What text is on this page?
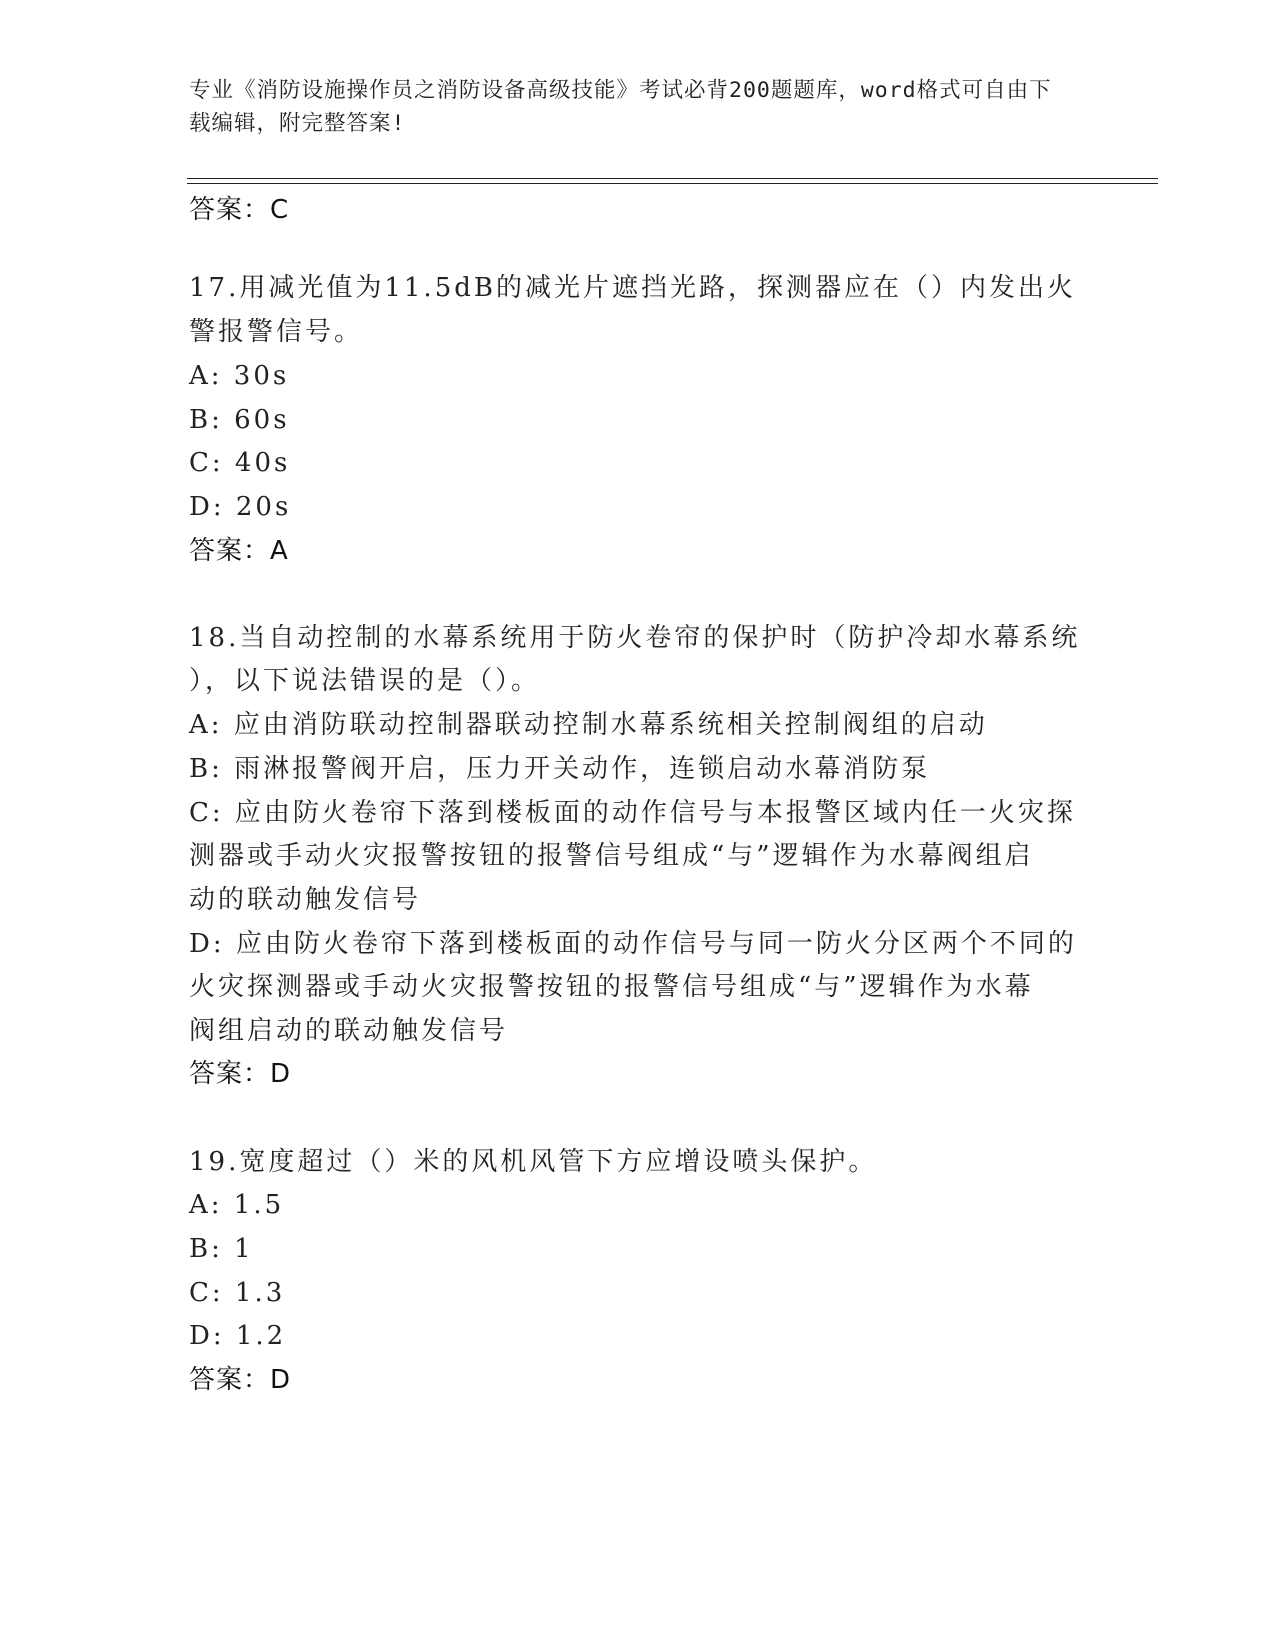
专业《消防设施操作员之消防设备高级技能》考试必背200题题库，word格式可自由下载编辑，附完整答案!

答案：C

17.用减光值为11.5dB的减光片遮挡光路，探测器应在（）内发出火

警报警信号。

A: 30s

B: 60s

C: 40s

D: 20s

答案：A

18.当自动控制的水幕系统用于防火卷帘的保护时（防护冷却水幕系统

），以下说法错误的是（）。

A: 应由消防联动控制器联动控制水幕系统相关控制阀组的启动

B: 雨淋报警阀开启，压力开关动作，连锁启动水幕消防泵

C: 应由防火卷帘下落到楼板面的动作信号与本报警区域内任一火灾探

测器或手动火灾报警按钮的报警信号组成“与”逻辑作为水幕阀组启

动的联动触发信号

D: 应由防火卷帘下落到楼板面的动作信号与同一防火分区两个不同的

火灾探测器或手动火灾报警按钮的报警信号组成“与”逻辑作为水幕

阀组启动的联动触发信号

答案：D

19.宽度超过（）米的风机风管下方应增设喷头保护。

A: 1.5

B: 1

C: 1.3

D: 1.2

答案：D
